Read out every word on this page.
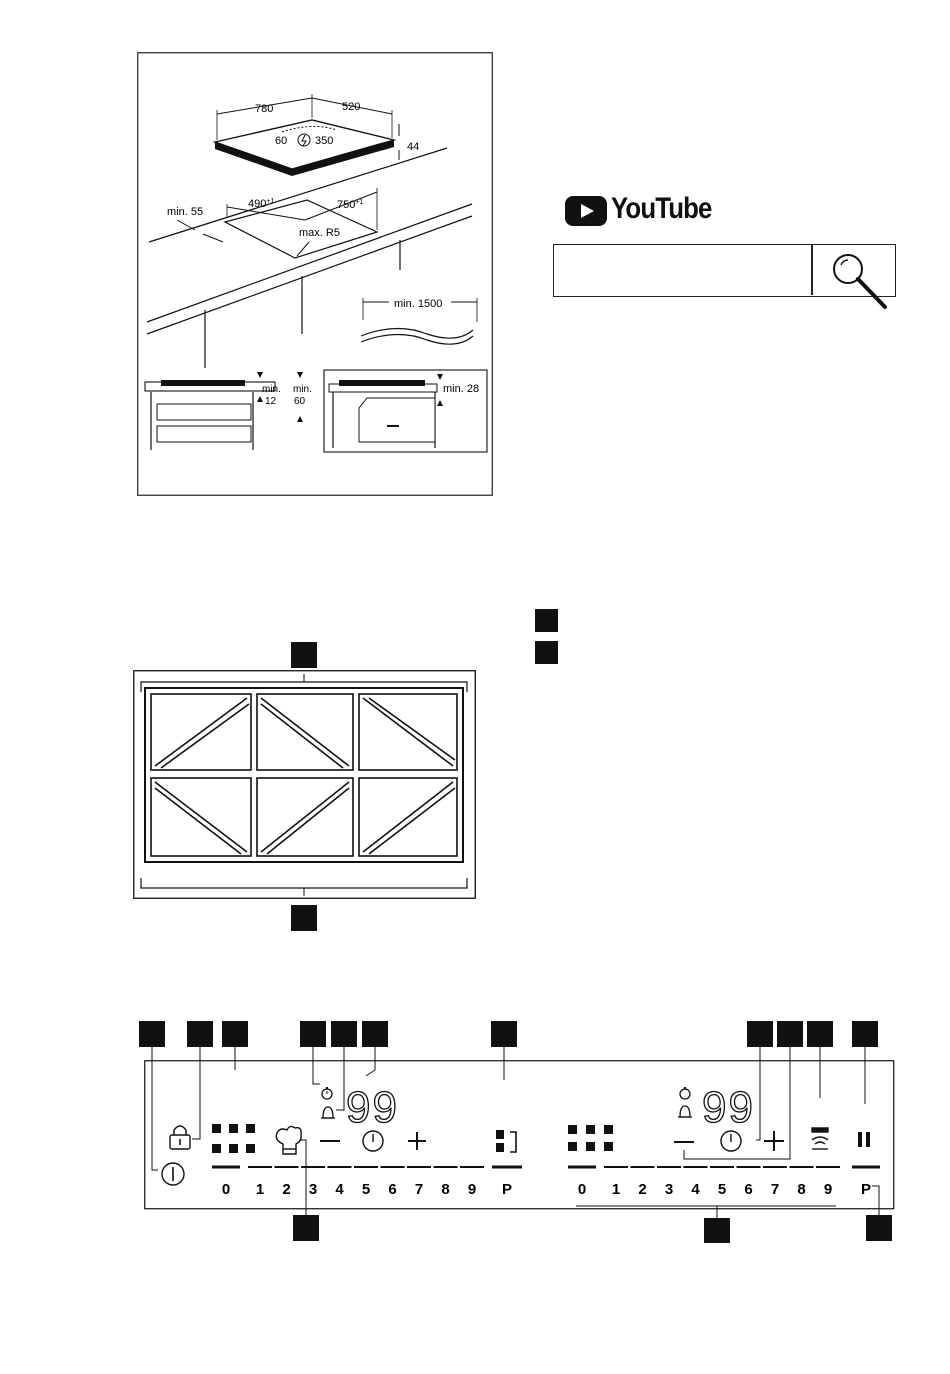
780	520
60	350	44
$490^{+1}$	$750^{+1}$
min. 55
max. R5
min. 1500
min.
12
min.
60
min. 28
YouTube
99	99
0 1 2 3 4 5 6 7 8 9 P	0 1 2 3 4 5 6 7 8 9 P
